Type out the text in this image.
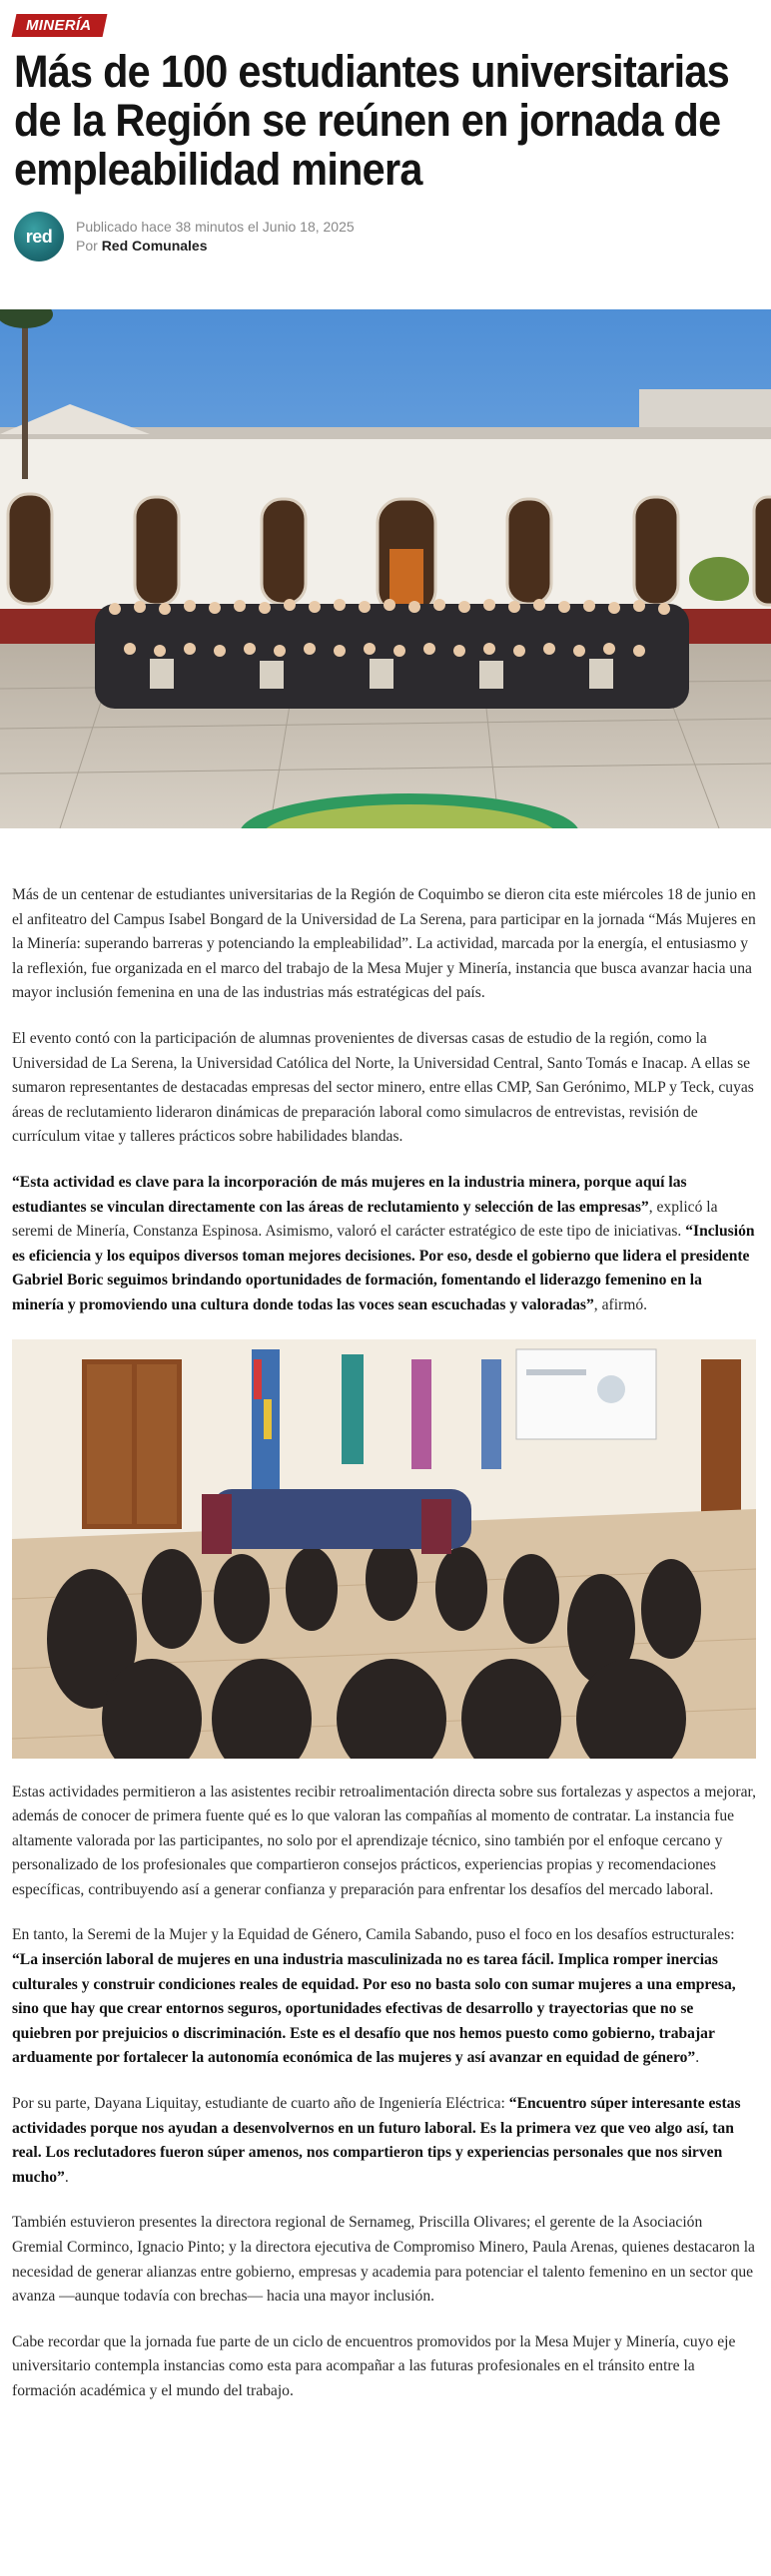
MINERÍA
Más de 100 estudiantes universitarias de la Región se reúnen en jornada de empleabilidad minera
red Publicado hace 38 minutos el Junio 18, 2025
Por Red Comunales

Más de un centenar de estudiantes universitarias de la Región de Coquimbo se dieron cita este miércoles 18 de junio en el anfiteatro del Campus Isabel Bongard de la Universidad de La Serena, para participar en la jornada “Más Mujeres en la Minería: superando barreras y potenciando la empleabilidad”. La actividad, marcada por la energía, el entusiasmo y la reflexión, fue organizada en el marco del trabajo de la Mesa Mujer y Minería, instancia que busca avanzar hacia una mayor inclusión femenina en una de las industrias más estratégicas del país.

El evento contó con la participación de alumnas provenientes de diversas casas de estudio de la región, como la Universidad de La Serena, la Universidad Católica del Norte, la Universidad Central, Santo Tomás e Inacap. A ellas se sumaron representantes de destacadas empresas del sector minero, entre ellas CMP, San Gerónimo, MLP y Teck, cuyas áreas de reclutamiento lideraron dinámicas de preparación laboral como simulacros de entrevistas, revisión de currículum vitae y talleres prácticos sobre habilidades blandas.

“Esta actividad es clave para la incorporación de más mujeres en la industria minera, porque aquí las estudiantes se vinculan directamente con las áreas de reclutamiento y selección de las empresas”, explicó la seremi de Minería, Constanza Espinosa. Asimismo, valoró el carácter estratégico de este tipo de iniciativas. “Inclusión es eficiencia y los equipos diversos toman mejores decisiones. Por eso, desde el gobierno que lidera el presidente Gabriel Boric seguimos brindando oportunidades de formación, fomentando el liderazgo femenino en la minería y promoviendo una cultura donde todas las voces sean escuchadas y valoradas”, afirmó.

Estas actividades permitieron a las asistentes recibir retroalimentación directa sobre sus fortalezas y aspectos a mejorar, además de conocer de primera fuente qué es lo que valoran las compañías al momento de contratar. La instancia fue altamente valorada por las participantes, no solo por el aprendizaje técnico, sino también por el enfoque cercano y personalizado de los profesionales que compartieron consejos prácticos, experiencias propias y recomendaciones específicas, contribuyendo así a generar confianza y preparación para enfrentar los desafíos del mercado laboral.

En tanto, la Seremi de la Mujer y la Equidad de Género, Camila Sabando, puso el foco en los desafíos estructurales: “La inserción laboral de mujeres en una industria masculinizada no es tarea fácil. Implica romper inercias culturales y construir condiciones reales de equidad. Por eso no basta solo con sumar mujeres a una empresa, sino que hay que crear entornos seguros, oportunidades efectivas de desarrollo y trayectorias que no se quiebren por prejuicios o discriminación. Este es el desafío que nos hemos puesto como gobierno, trabajar arduamente por fortalecer la autonomía económica de las mujeres y así avanzar en equidad de género”.

Por su parte, Dayana Liquitay, estudiante de cuarto año de Ingeniería Eléctrica: “Encuentro súper interesante estas actividades porque nos ayudan a desenvolvernos en un futuro laboral. Es la primera vez que veo algo así, tan real. Los reclutadores fueron súper amenos, nos compartieron tips y experiencias personales que nos sirven mucho”.

También estuvieron presentes la directora regional de Sernameg, Priscilla Olivares; el gerente de la Asociación Gremial Corminco, Ignacio Pinto; y la directora ejecutiva de Compromiso Minero, Paula Arenas, quienes destacaron la necesidad de generar alianzas entre gobierno, empresas y academia para potenciar el talento femenino en un sector que avanza —aunque todavía con brechas— hacia una mayor inclusión.

Cabe recordar que la jornada fue parte de un ciclo de encuentros promovidos por la Mesa Mujer y Minería, cuyo eje universitario contempla instancias como esta para acompañar a las futuras profesionales en el tránsito entre la formación académica y el mundo del trabajo.
